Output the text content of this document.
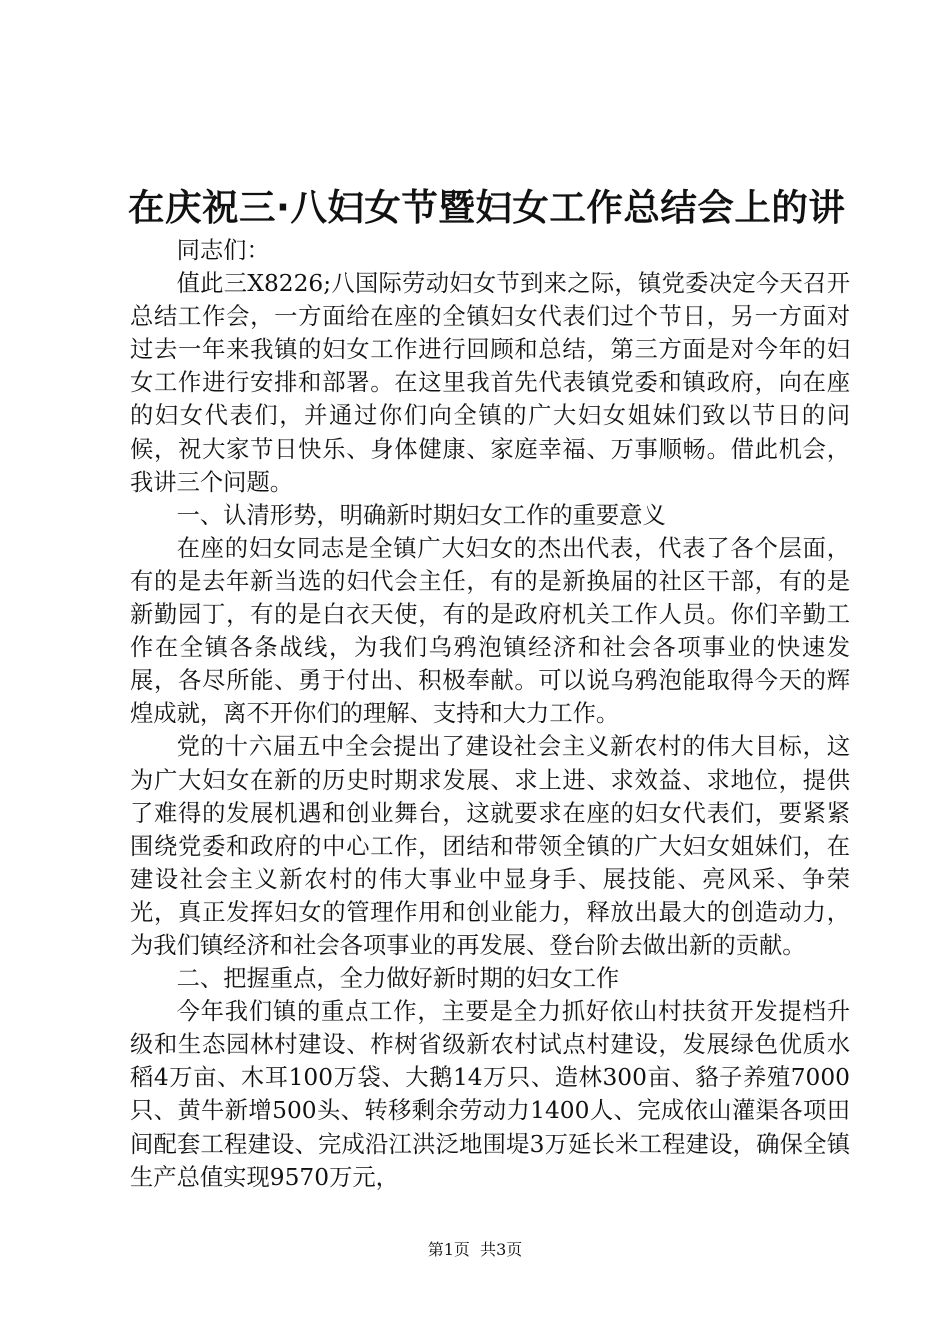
在庆祝三·八妇女节暨妇女工作总结会上的讲

同志们：

值此三X8226;八国际劳动妇女节到来之际，镇党委决定今天召开总结工作会，一方面给在座的全镇妇女代表们过个节日，另一方面对过去一年来我镇的妇女工作进行回顾和总结，第三方面是对今年的妇女工作进行安排和部署。在这里我首先代表镇党委和镇政府，向在座的妇女代表们，并通过你们向全镇的广大妇女姐妹们致以节日的问候，祝大家节日快乐、身体健康、家庭幸福、万事顺畅。借此机会，我讲三个问题。

一、认清形势，明确新时期妇女工作的重要意义

在座的妇女同志是全镇广大妇女的杰出代表，代表了各个层面，有的是去年新当选的妇代会主任，有的是新换届的社区干部，有的是新勤园丁，有的是白衣天使，有的是政府机关工作人员。你们辛勤工作在全镇各条战线，为我们乌鸦泡镇经济和社会各项事业的快速发展，各尽所能、勇于付出、积极奉献。可以说乌鸦泡能取得今天的辉煌成就，离不开你们的理解、支持和大力工作。

党的十六届五中全会提出了建设社会主义新农村的伟大目标，这为广大妇女在新的历史时期求发展、求上进、求效益、求地位，提供了难得的发展机遇和创业舞台，这就要求在座的妇女代表们，要紧紧围绕党委和政府的中心工作，团结和带领全镇的广大妇女姐妹们，在建设社会主义新农村的伟大事业中显身手、展技能、亮风采、争荣光，真正发挥妇女的管理作用和创业能力，释放出最大的创造动力，为我们镇经济和社会各项事业的再发展、登台阶去做出新的贡献。

二、把握重点，全力做好新时期的妇女工作

今年我们镇的重点工作，主要是全力抓好依山村扶贫开发提档升级和生态园林村建设、柞树省级新农村试点村建设，发展绿色优质水稻4万亩、木耳100万袋、大鹅14万只、造林300亩、貉子养殖7000只、黄牛新增500头、转移剩余劳动力1400人、完成依山灌渠各项田间配套工程建设、完成沿江洪泛地围堤3万延长米工程建设，确保全镇生产总值实现9570万元，

第1页 共3页
